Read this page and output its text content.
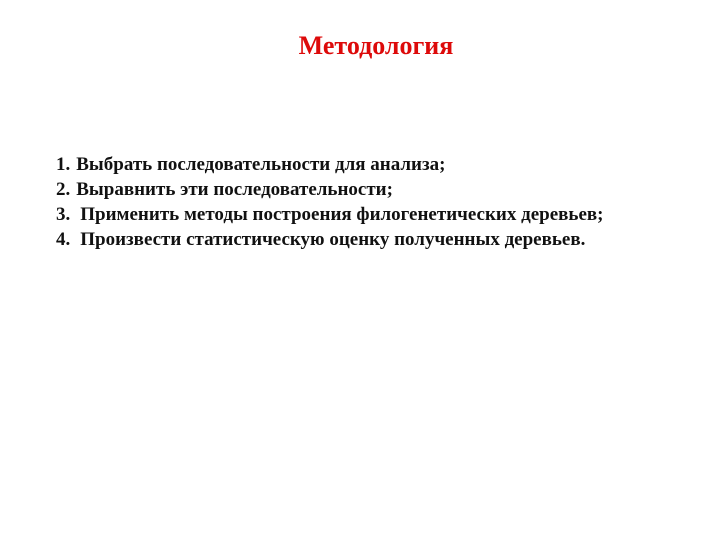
Методология
1. Выбрать последовательности для анализа;
2. Выравнить эти последовательности;
3. Применить методы построения филогенетических деревьев;
4. Произвести статистическую оценку полученных деревьев.
